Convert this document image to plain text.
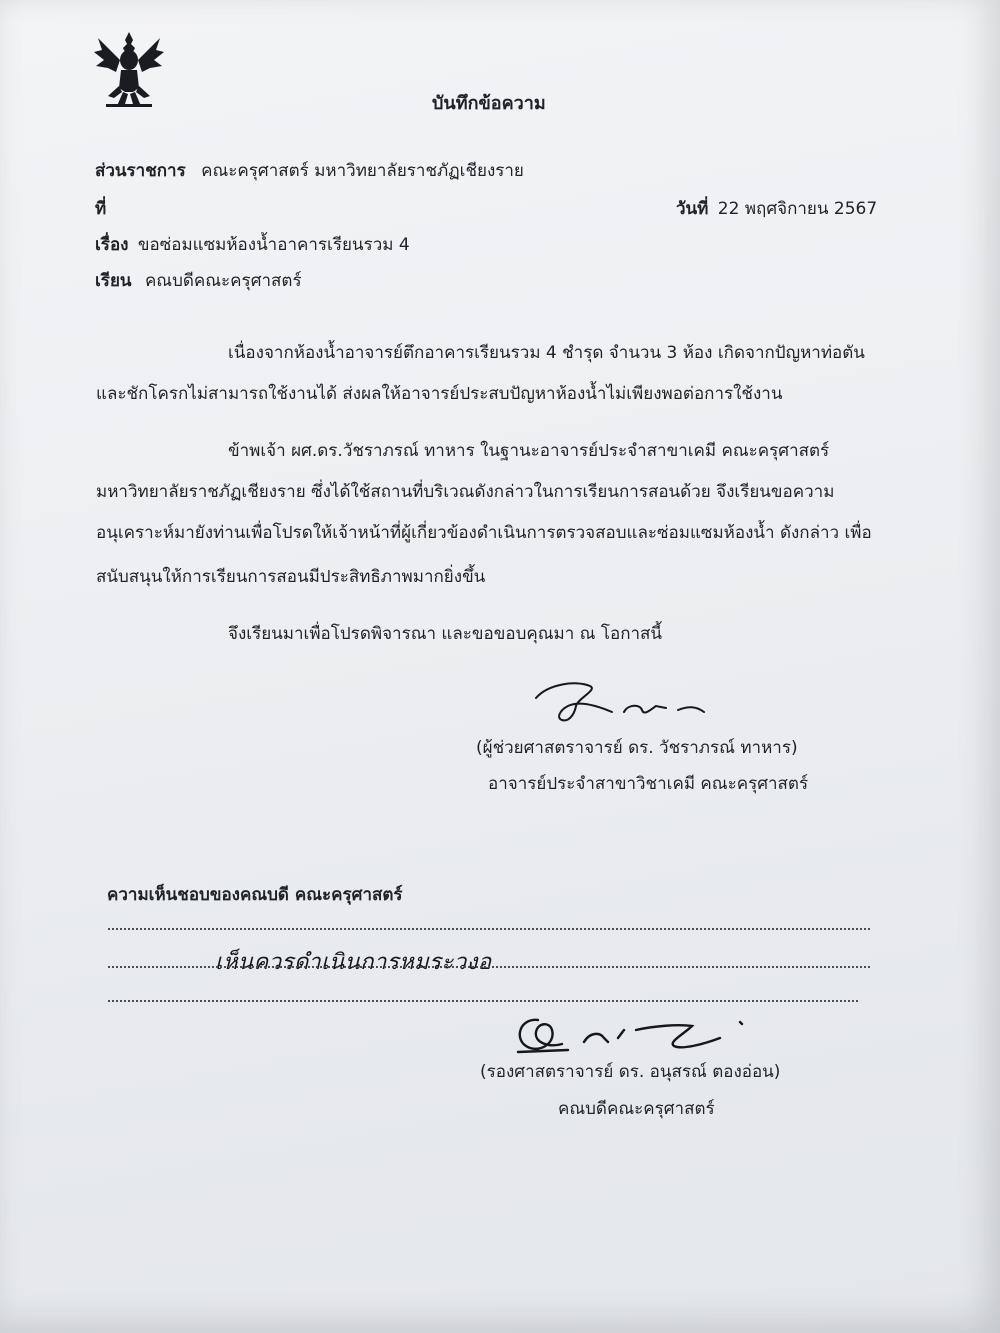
บันทึกข้อความ
ส่วนราชการ คณะครุศาสตร์ มหาวิทยาลัยราชภัฏเชียงราย
ที่	วันที่ 22 พฤศจิกายน 2567
เรื่อง ขอซ่อมแซมห้องน้ำอาคารเรียนรวม 4
เรียน คณบดีคณะครุศาสตร์
เนื่องจากห้องน้ำอาจารย์ตึกอาคารเรียนรวม 4 ชำรุด จำนวน 3 ห้อง เกิดจากปัญหาท่อตัน
และชักโครกไม่สามารถใช้งานได้ ส่งผลให้อาจารย์ประสบปัญหาห้องน้ำไม่เพียงพอต่อการใช้งาน
ข้าพเจ้า ผศ.ดร.วัชราภรณ์ ทาหาร ในฐานะอาจารย์ประจำสาขาเคมี คณะครุศาสตร์
มหาวิทยาลัยราชภัฏเชียงราย ซึ่งได้ใช้สถานที่บริเวณดังกล่าวในการเรียนการสอนด้วย จึงเรียนขอความ
อนุเคราะห์มายังท่านเพื่อโปรดให้เจ้าหน้าที่ผู้เกี่ยวข้องดำเนินการตรวจสอบและซ่อมแซมห้องน้ำ ดังกล่าว เพื่อ
สนับสนุนให้การเรียนการสอนมีประสิทธิภาพมากยิ่งขึ้น
จึงเรียนมาเพื่อโปรดพิจารณา และขอขอบคุณมา ณ โอกาสนี้
(ผู้ช่วยศาสตราจารย์ ดร. วัชราภรณ์ ทาหาร)
อาจารย์ประจำสาขาวิชาเคมี คณะครุศาสตร์
ความเห็นชอบของคณบดี คณะครุศาสตร์
เห็นควรดำเนินการหมระวงอ
(รองศาสตราจารย์ ดร. อนุสรณ์ ตองอ่อน)
คณบดีคณะครุศาสตร์
